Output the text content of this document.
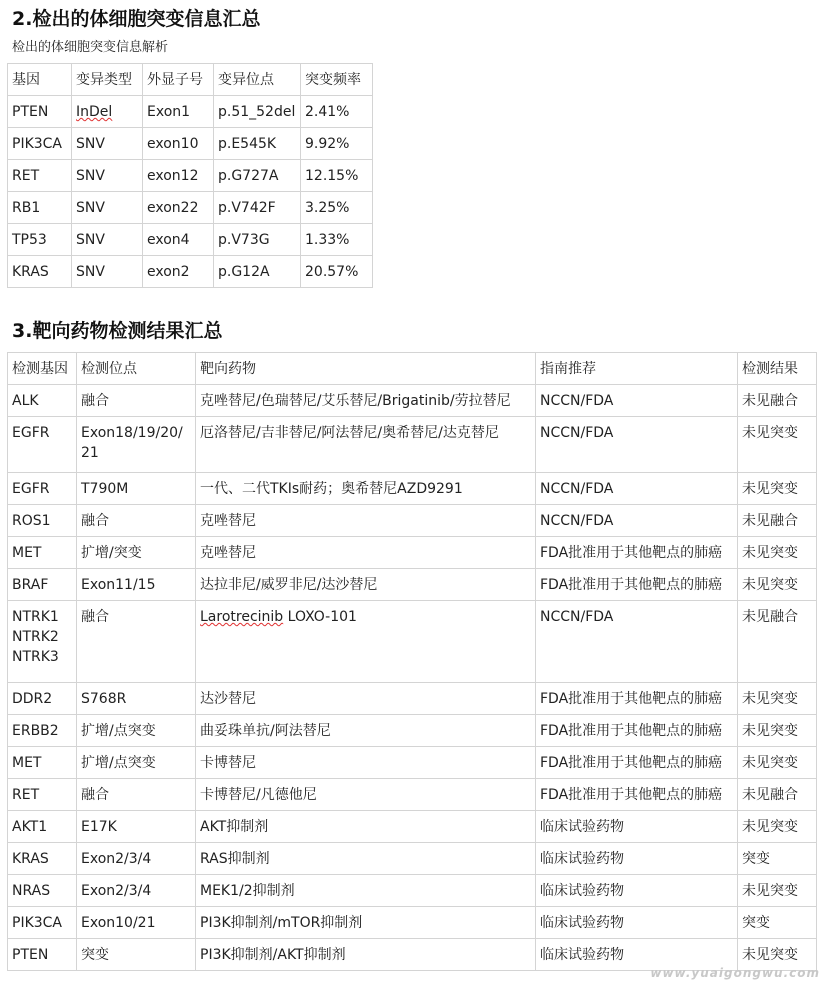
2.检出的体细胞突变信息汇总

检出的体细胞突变信息解析

基因	变异类型	外显子号	变异位点	突变频率
PTEN	InDel	Exon1	p.51_52del	2.41%
PIK3CA	SNV	exon10	p.E545K	9.92%
RET	SNV	exon12	p.G727A	12.15%
RB1	SNV	exon22	p.V742F	3.25%
TP53	SNV	exon4	p.V73G	1.33%
KRAS	SNV	exon2	p.G12A	20.57%
3.靶向药物检测结果汇总
检测基因	检测位点	靶向药物	指南推荐	检测结果
ALK	融合	克唑替尼/色瑞替尼/艾乐替尼/Brigatinib/劳拉替尼	NCCN/FDA	未见融合
EGFR	Exon18/19/20/21	厄洛替尼/吉非替尼/阿法替尼/奥希替尼/达克替尼	NCCN/FDA	未见突变
EGFR	T790M	一代、二代TKIs耐药；奥希替尼AZD9291	NCCN/FDA	未见突变
ROS1	融合	克唑替尼	NCCN/FDA	未见融合
MET	扩增/突变	克唑替尼	FDA批准用于其他靶点的肺癌	未见突变
BRAF	Exon11/15	达拉非尼/威罗非尼/达沙替尼	FDA批准用于其他靶点的肺癌	未见突变
NTRK1
NTRK2
NTRK3	融合	Larotrecinib LOXO-101	NCCN/FDA	未见融合
DDR2	S768R	达沙替尼	FDA批准用于其他靶点的肺癌	未见突变
ERBB2	扩增/点突变	曲妥珠单抗/阿法替尼	FDA批准用于其他靶点的肺癌	未见突变
MET	扩增/点突变	卡博替尼	FDA批准用于其他靶点的肺癌	未见突变
RET	融合	卡博替尼/凡德他尼	FDA批准用于其他靶点的肺癌	未见融合
AKT1	E17K	AKT抑制剂	临床试验药物	未见突变
KRAS	Exon2/3/4	RAS抑制剂	临床试验药物	突变
NRAS	Exon2/3/4	MEK1/2抑制剂	临床试验药物	未见突变
PIK3CA	Exon10/21	PI3K抑制剂/mTOR抑制剂	临床试验药物	突变
PTEN	突变	PI3K抑制剂/AKT抑制剂	临床试验药物	未见突变
www.yuaigongwu.com
